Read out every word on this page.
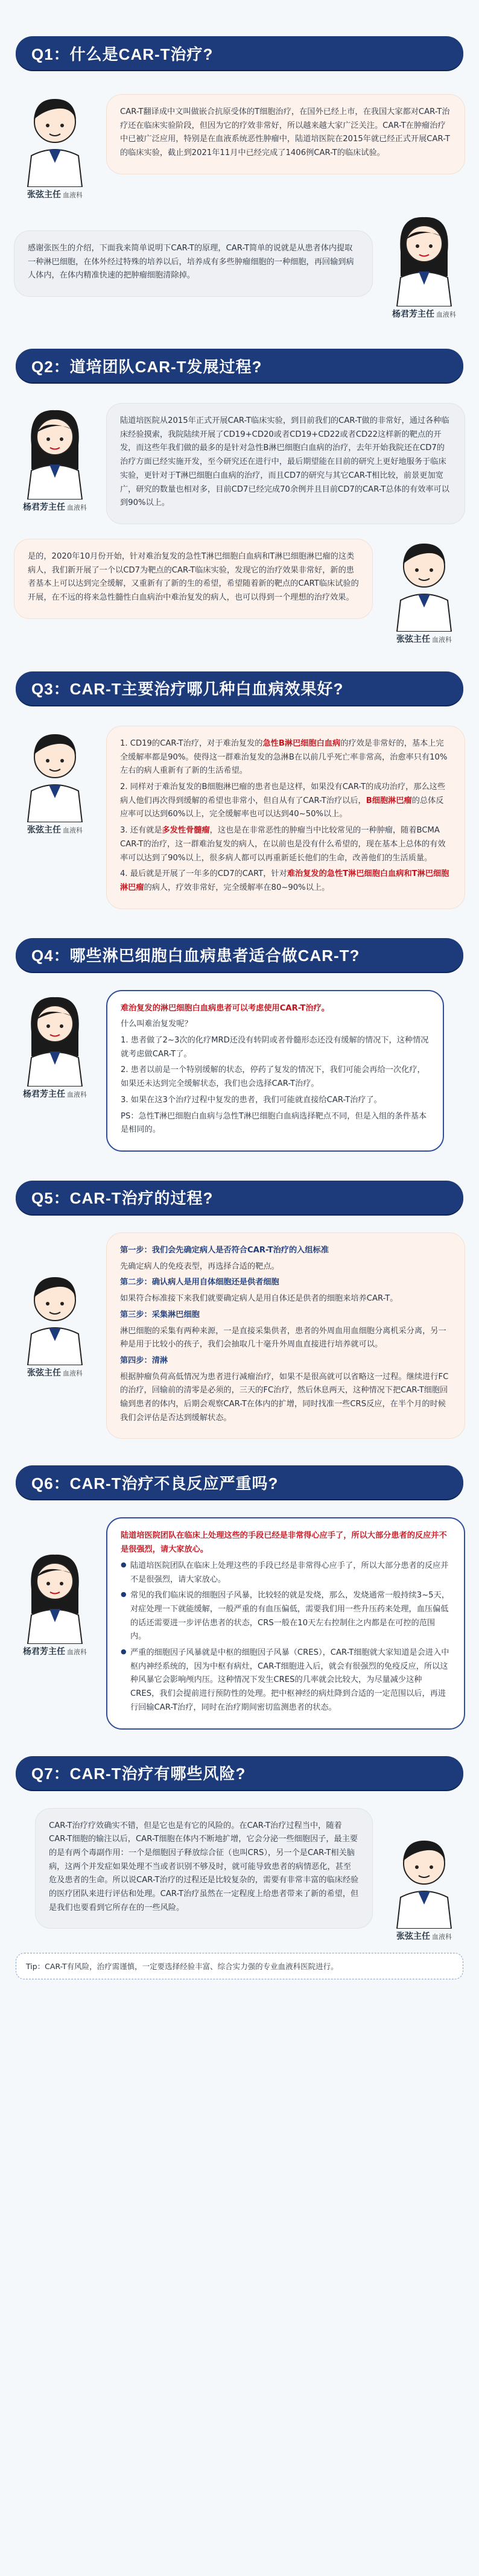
Q1：什么是CAR-T治疗?
张弦主任 血液科

CAR-T翻译成中文叫做嵌合抗原受体的T细胞治疗，在国外已经上市，在我国大家都对CAR-T治疗还在临床实验阶段，但因为它的疗效非常好，所以越来越大家广泛关注。CAR-T在肿瘤治疗中已被广泛应用，特别是在血液系统恶性肿瘤中，陆道培医院在2015年就已经正式开展CAR-T的临床实验，截止到2021年11月中已经完成了1406例CAR-T的临床试验。

杨君芳主任 血液科

感谢张医生的介绍，下面我来简单说明下CAR-T的原理，CAR-T简单的说就是从患者体内提取一种淋巴细胞，在体外经过特殊的培养以后，培养成有多些肿瘤细胞的一种细胞，再回输到病人体内，在体内精准快速的把肿瘤细胞清除掉。

Q2：道培团队CAR-T发展过程?
杨君芳主任 血液科

陆道培医院从2015年正式开展CAR-T临床实验，到目前我们的CAR-T做的非常好，通过各种临床经验摸索，我院陆续开展了CD19+CD20或者CD19+CD22或者CD22这样新的靶点的开发，而这些年我们做的最多的是针对急性B淋巴细胞白血病的治疗，去年开始我院还在CD7的治疗方面已经实施开发，至今研究还在进行中，最后期望能在目前的研究上更好地服务于临床实验，更针对于T淋巴细胞白血病的治疗，而且CD7的研究与其它CAR-T相比较，前景更加宽广，研究的数量也相对多，目前CD7已经完成70余例并且目前CD7的CAR-T总体的有效率可以到90%以上。

张弦主任 血液科

是的，2020年10月份开始，针对难治复发的急性T淋巴细胞白血病和T淋巴细胞淋巴瘤的这类病人，我们新开展了一个以CD7为靶点的CAR-T临床实验，发现它的治疗效果非常好，新的患者基本上可以达到完全缓解，又重新有了新的生的希望，希望随着新的靶点的CART临床试验的开展，在不远的将来急性髓性白血病治中难治复发的病人，也可以得到一个理想的治疗效果。

Q3：CAR-T主要治疗哪几种白血病效果好?
张弦主任 血液科

1. CD19的CAR-T治疗，对于难治复发的急性B淋巴细胞白血病的疗效是非常好的，基本上完全缓解率都是90%。使得这一群难治复发的急淋B在以前几乎死亡率非常高，治愈率只有10%左右的病人重新有了新的生活希望。

2. 同样对于难治复发的B细胞淋巴瘤的患者也是这样，如果没有CAR-T的成功治疗，那么这些病人他们再次得到缓解的希望也非常小，但自从有了CAR-T治疗以后，B细胞淋巴瘤的总体反应率可以达到60%以上，完全缓解率也可以达到40~50%以上。

3. 还有就是多发性骨髓瘤，这也是在非常恶性的肿瘤当中比较常见的一种肿瘤，随着BCMA CAR-T的治疗，这一群难治复发的病人，在以前也是没有什么希望的，现在基本上总体的有效率可以达到了90%以上，很多病人都可以再重新延长他们的生命，改善他们的生活质量。

4. 最后就是开展了一年多的CD7的CART，针对难治复发的急性T淋巴细胞白血病和T淋巴细胞淋巴瘤的病人，疗效非常好，完全缓解率在80~90%以上。

Q4：哪些淋巴细胞白血病患者适合做CAR-T?
杨君芳主任 血液科

难治复发的淋巴细胞白血病患者可以考虑使用CAR-T治疗。

什么叫难治复发呢？

1. 患者做了2~3次的化疗MRD还没有转阴或者骨髓形态还没有缓解的情况下，这种情况就考虑做CAR-T了。

2. 患者以前是一个特别缓解的状态，停药了复发的情况下，我们可能会再给一次化疗，如果还未达到完全缓解状态，我们也会选择CAR-T治疗。

3. 如果在这3个治疗过程中复发的患者，我们可能就直接给CAR-T治疗了。

PS：急性T淋巴细胞白血病与急性T淋巴细胞白血病选择靶点不同，但是入组的条件基本是相同的。

Q5：CAR-T治疗的过程?
张弦主任 血液科

第一步：我们会先确定病人是否符合CAR-T治疗的入组标准

先确定病人的免疫表型，再选择合适的靶点。

第二步：确认病人是用自体细胞还是供者细胞

如果符合标准接下来我们就要确定病人是用自体还是供者的细胞来培养CAR-T。

第三步：采集淋巴细胞

淋巴细胞的采集有两种来源，一是直接采集供者，患者的外周血用血细胞分离机采分离，另一种是用于比较小的孩子，我们会抽取几十毫升外周血直接进行培养就可以。

第四步：清淋

根据肿瘤负荷高低情况为患者进行减瘤治疗，如果不是很高就可以省略这一过程。继续进行FC的治疗，回输前的清零是必须的，三天的FC治疗，然后休息两天，这种情况下把CAR-T细胞回输到患者的体内，后期会观察CAR-T在体内的扩增，同时找准一些CRS反应，在半个月的时候我们会评估是否达到缓解状态。

Q6：CAR-T治疗不良反应严重吗?
杨君芳主任 血液科

陆道培医院团队在临床上处理这些的手段已经是非常得心应手了，所以大部分患者的反应并不是很强烈，请大家放心。

● 陆道培医院团队在临床上处理这些的手段已经是非常得心应手了，所以大部分患者的反应并不是很强烈，请大家放心。
● 常见的我们临床说的细胞因子风暴，比较轻的就是发烧，那么，发烧通常一般持续3~5天，对症处理一下就能缓解，一般严重的有血压偏低，需要我们用一些升压药来处理，血压偏低的话还需要进一步评估患者的状态，CRS一般在10天左右控制住之内都是在可控的范围内。
● 严重的细胞因子风暴就是中枢的细胞因子风暴（CRES），CAR-T细胞就大家知道是会进入中枢内神经系统的，因为中枢有病灶，CAR-T细胞进入后，就会有很强烈的免疫反应，所以这种风暴它会影响颅内压。这种情况下发生CRES的几率就会比较大，为尽量减少这种CRES，我们会提前进行预防性的处理。把中枢神经的病灶降到合适的一定范围以后，再进行回输CAR-T治疗，同时在治疗期间密切监测患者的状态。
Q7：CAR-T治疗有哪些风险?
张弦主任 血液科

CAR-T治疗疗效确实不错，但是它也是有它的风险的。在CAR-T治疗过程当中，随着CAR-T细胞的输注以后，CAR-T细胞在体内不断地扩增，它会分泌一些细胞因子，最主要的是有两个毒副作用：一个是细胞因子释放综合征（也叫CRS），另一个是CAR-T相关脑病，这两个并发症如果处理不当或者识别不够及时，就可能导致患者的病情恶化，甚至危及患者的生命。所以说CAR-T治疗的过程还是比较复杂的，需要有非常丰富的临床经验的医疗团队来进行评估和处理。CAR-T治疗虽然在一定程度上给患者带来了新的希望，但是我们也要看到它所存在的一些风险。

Tip：CAR-T有风险，治疗需谨慎，一定要选择经验丰富、综合实力强的专业血液科医院进行。
